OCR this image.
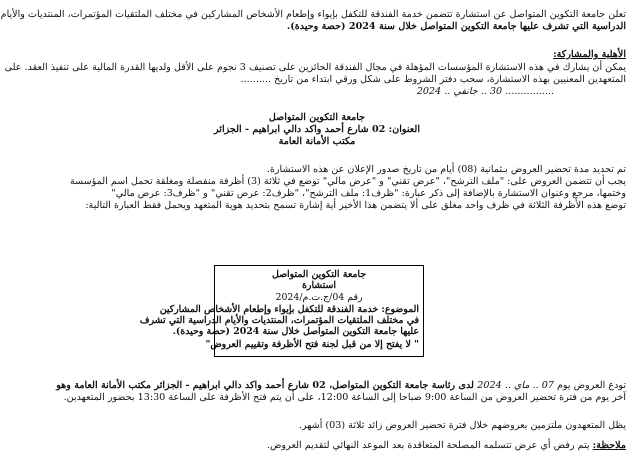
تعلن جامعة التكوين المتواصل عن استشارة تتضمن خدمة الفندقة للتكفل بإيواء وإطعام الأشخاص المشاركين في مختلف الملتقيات المؤتمرات، المنتديات والأيام
الدراسية التي تشرف عليها جامعة التكوين المتواصل خلال سنة 2024 (حصة وحيدة).
الأهلية والمشاركة:
يمكن أن يشارك في هذه الاستشارة المؤسسات المؤهلة في مجال الفندقة الحائزين على تصنيف 3 نجوم على الأقل ولديها القدرة المالية على تنفيذ العقد. على
المتعهدين المعنيين بهذه الاستشارة، سحب دفتر الشروط على شكل ورقي ابتداء من تاريخ ..........
................ 30 .. جانفي .. 2024
جامعة التكوين المتواصل
العنوان: 02 شارع أحمد واكد دالي ابراهيم - الجزائر
مكتب الأمانة العامة
تم تحديد مدة تحضير العروض بـثمانية (08) أيام من تاريخ صدور الإعلان عن هذه الاستشارة.
يجب أن تتضمن العروض على: "ملف الترشح"، "عرض تقني" و "عرض مالي" توضع في ثلاثة (3) أظرفة منفصلة ومغلقة تحمل اسم المؤسسة
وختمها، مرجع وعنوان الاستشارة بالإضافة إلى ذكر عبارة: "ظرف1: ملف الترشح"، "ظرف2: عرض تقني" و "ظرف3: عرض مالي"
توضع هذه الأظرفة الثلاثة في ظرف واحد مغلق على ألا يتضمن هذا الأخير أية إشارة تسمح بتحديد هوية المتعهد ويحمل فقط العبارة التالية:
جامعة التكوين المتواصل
استشارة
رقم 04/ج.ت.م/2024
الموضوع: خدمة الفندقة للتكفل بإيواء وإطعام الأشخاص المشاركين
في مختلف الملتقيات المؤتمرات، المنتديات والأيام الدراسية التي تشرف
عليها جامعة التكوين المتواصل خلال سنة 2024 (حصة وحيدة).
" لا يفتح إلا من قبل لجنة فتح الأظرفة وتقييم العروض"
تودع العروض يوم 07 .. ماي .. 2024 لدى رئاسة جامعة التكوين المتواصل، 02 شارع أحمد واكد دالي ابراهيم - الجزائر مكتب الأمانة العامة وهو
آخر يوم من فترة تحضير العروض من الساعة 9:00 صباحا إلى الساعة 12:00، على أن يتم فتح الأظرفة على الساعة 13:30 بحضور المتعهدين.
يظل المتعهدون ملتزمين بعروضهم خلال فترة تحضير العروض زائد ثلاثة (03) أشهر.
ملاحظة: يتم رفض أي عرض تتسلمه المصلحة المتعاقدة بعد الموعد النهائي لتقديم العروض.
